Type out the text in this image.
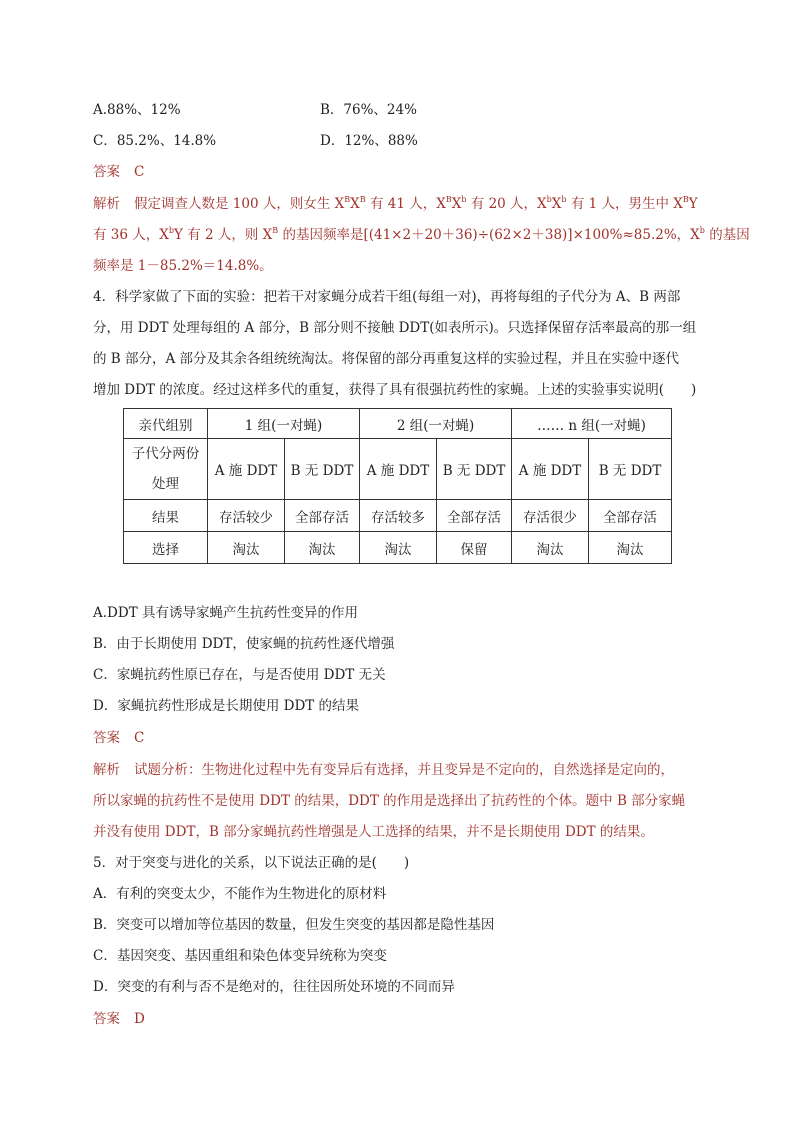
A.88%、12%	B．76%、24%
C．85.2%、14.8%	D．12%、88%
答案 C
解析 假定调查人数是 100 人，则女生 $X^BX^B$ 有 41 人，$X^BX^b$ 有 20 人，$X^bX^b$ 有 1 人，男生中 $X^BY$
有 36 人，$X^bY$ 有 2 人，则 $X^B$ 的基因频率是[(41×2＋20＋36)÷(62×2＋38)]×100%≈85.2%，$X^b$ 的基因
频率是 1－85.2%＝14.8%。
4．科学家做了下面的实验：把若干对家蝇分成若干组(每组一对)，再将每组的子代分为 A、B 两部
分，用 DDT 处理每组的 A 部分，B 部分则不接触 DDT(如表所示)。只选择保留存活率最高的那一组
的 B 部分，A 部分及其余各组统统淘汰。将保留的部分再重复这样的实验过程，并且在实验中逐代
增加 DDT 的浓度。经过这样多代的重复，获得了具有很强抗药性的家蝇。上述的实验事实说明(　　)
亲代组别	1 组(一对蝇)		2 组(一对蝇)		…… n 组(一对蝇)	
子代分两份
处理	A 施 DDT	B 无 DDT	A 施 DDT	B 无 DDT	A 施 DDT	B 无 DDT
结果	存活较少	全部存活	存活较多	全部存活	存活很少	全部存活
选择	淘汰	淘汰	淘汰	保留	淘汰	淘汰
A.DDT 具有诱导家蝇产生抗药性变异的作用
B．由于长期使用 DDT，使家蝇的抗药性逐代增强
C．家蝇抗药性原已存在，与是否使用 DDT 无关
D．家蝇抗药性形成是长期使用 DDT 的结果
答案 C
解析 试题分析：生物进化过程中先有变异后有选择，并且变异是不定向的，自然选择是定向的，
所以家蝇的抗药性不是使用 DDT 的结果，DDT 的作用是选择出了抗药性的个体。题中 B 部分家蝇
并没有使用 DDT，B 部分家蝇抗药性增强是人工选择的结果，并不是长期使用 DDT 的结果。
5．对于突变与进化的关系，以下说法正确的是(　　)
A．有利的突变太少，不能作为生物进化的原材料
B．突变可以增加等位基因的数量，但发生突变的基因都是隐性基因
C．基因突变、基因重组和染色体变异统称为突变
D．突变的有利与否不是绝对的，往往因所处环境的不同而异
答案 D
